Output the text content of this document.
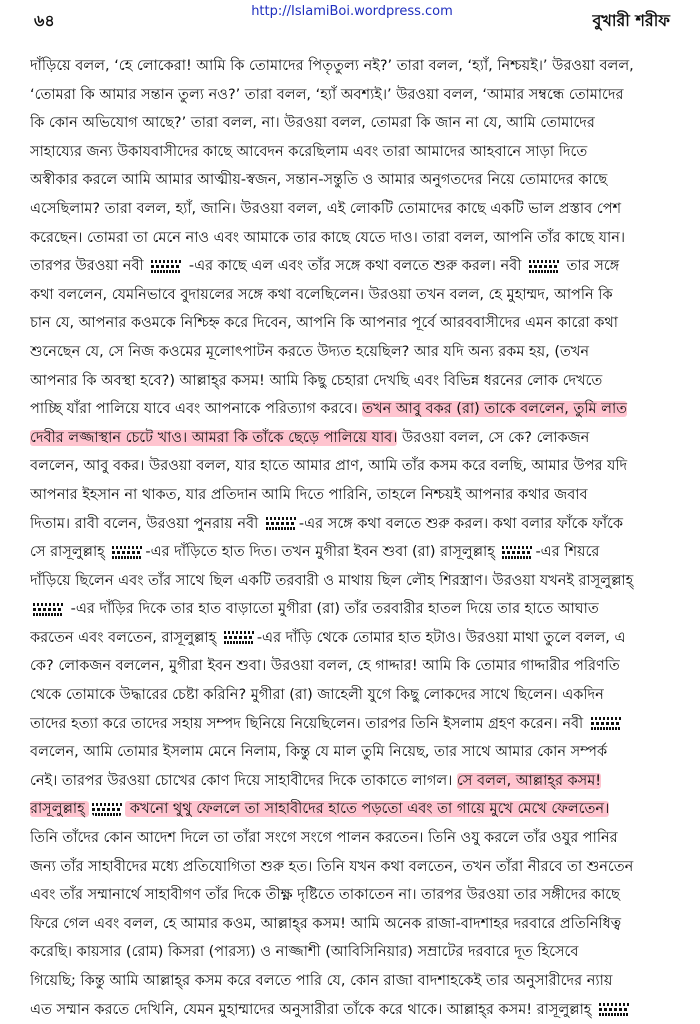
৬৪	http://IslamiBoi.wordpress.com	বুখারী শরীফ
দাঁড়িয়ে বলল, ‘হে লোকেরা! আমি কি তোমাদের পিতৃতুল্য নই?’ তারা বলল, ‘হ্যাঁ, নিশ্চয়ই।’ উরওয়া বলল,
‘তোমরা কি আমার সন্তান তুল্য নও?’ তারা বলল, ‘হ্যাঁ অবশ্যই।’ উরওয়া বলল, ‘আমার সম্বন্ধে তোমাদের
কি কোন অভিযোগ আছে?’ তারা বলল, না। উরওয়া বলল, তোমরা কি জান না যে, আমি তোমাদের
সাহায্যের জন্য উকাযবাসীদের কাছে আবেদন করেছিলাম এবং তারা আমাদের আহবানে সাড়া দিতে
অস্বীকার করলে আমি আমার আত্মীয়-স্বজন, সন্তান-সন্তুতি ও আমার অনুগতদের নিয়ে তোমাদের কাছে
এসেছিলাম? তারা বলল, হ্যাঁ, জানি। উরওয়া বলল, এই লোকটি তোমাদের কাছে একটি ভাল প্রস্তাব পেশ
করেছেন। তোমরা তা মেনে নাও এবং আমাকে তার কাছে যেতে দাও। তারা বলল, আপনি তাঁর কাছে যান।
তারপর উরওয়া নবী  -এর কাছে এল এবং তাঁর সঙ্গে কথা বলতে শুরু করল। নবী  তার সঙ্গে
কথা বললেন, যেমনিভাবে বুদায়লের সঙ্গে কথা বলেছিলেন। উরওয়া তখন বলল, হে মুহাম্মদ, আপনি কি
চান যে, আপনার কওমকে নিশ্চিহ্ন করে দিবেন, আপনি কি আপনার পূর্বে আরববাসীদের এমন কারো কথা
শুনেছেন যে, সে নিজ কওমের মূলোৎপাটন করতে উদ্যত হয়েছিল? আর যদি অন্য রকম হয়, (তখন
আপনার কি অবস্থা হবে?) আল্লাহ্‌র কসম! আমি কিছু চেহারা দেখছি এবং বিভিন্ন ধরনের লোক দেখতে
পাচ্ছি যাঁরা পালিয়ে যাবে এবং আপনাকে পরিত্যাগ করবে। তখন আবু বকর (রা) তাকে বললেন, তুমি লাত
দেবীর লজ্জাস্থান চেটে খাও। আমরা কি তাঁকে ছেড়ে পালিয়ে যাব। উরওয়া বলল, সে কে? লোকজন
বললেন, আবু বকর। উরওয়া বলল, যার হাতে আমার প্রাণ, আমি তাঁর কসম করে বলছি, আমার উপর যদি
আপনার ইহসান না থাকত, যার প্রতিদান আমি দিতে পারিনি, তাহলে নিশ্চয়ই আপনার কথার জবাব
দিতাম। রাবী বলেন, উরওয়া পুনরায় নবী -এর সঙ্গে কথা বলতে শুরু করল। কথা বলার ফাঁকে ফাঁকে
সে রাসূলুল্লাহ্‌ -এর দাঁড়িতে হাত দিত। তখন মুগীরা ইবন শুবা (রা) রাসূলুল্লাহ্‌ -এর শিয়রে
দাঁড়িয়ে ছিলেন এবং তাঁর সাথে ছিল একটি তরবারী ও মাথায় ছিল লৌহ শিরস্ত্রাণ। উরওয়া যখনই রাসূলুল্লাহ্‌
-এর দাঁড়ির দিকে তার হাত বাড়াতো মুগীরা (রা) তাঁর তরবারীর হাতল দিয়ে তার হাতে আঘাত
করতেন এবং বলতেন, রাসূলুল্লাহ্‌ -এর দাঁড়ি থেকে তোমার হাত হটাও। উরওয়া মাথা তুলে বলল, এ
কে? লোকজন বললেন, মুগীরা ইবন শুবা। উরওয়া বলল, হে গাদ্দার! আমি কি তোমার গাদ্দারীর পরিণতি
থেকে তোমাকে উদ্ধারের চেষ্টা করিনি? মুগীরা (রা) জাহেলী যুগে কিছু লোকদের সাথে ছিলেন। একদিন
তাদের হত্যা করে তাদের সহায় সম্পদ ছিনিয়ে নিয়েছিলেন। তারপর তিনি ইসলাম গ্রহণ করেন। নবী
বললেন, আমি তোমার ইসলাম মেনে নিলাম, কিন্তু যে মাল তুমি নিয়েছ, তার সাথে আমার কোন সম্পর্ক
নেই। তারপর উরওয়া চোখের কোণ দিয়ে সাহাবীদের দিকে তাকাতে লাগল। সে বলল, আল্লাহ্‌র কসম!
রাসূলুল্লাহ্‌  কখনো থুথু ফেললে তা সাহাবীদের হাতে পড়তো এবং তা গায়ে মুখে মেখে ফেলতেন।
তিনি তাঁদের কোন আদেশ দিলে তা তাঁরা সংগে সংগে পালন করতেন। তিনি ওযু করলে তাঁর ওযুর পানির
জন্য তাঁর সাহাবীদের মধ্যে প্রতিযোগিতা শুরু হত। তিনি যখন কথা বলতেন, তখন তাঁরা নীরবে তা শুনতেন
এবং তাঁর সম্মানার্থে সাহাবীগণ তাঁর দিকে তীক্ষ্ণ দৃষ্টিতে তাকাতেন না। তারপর উরওয়া তার সঙ্গীদের কাছে
ফিরে গেল এবং বলল, হে আমার কওম, আল্লাহ্‌র কসম! আমি অনেক রাজা-বাদশাহর দরবারে প্রতিনিধিত্ব
করেছি। কায়সার (রোম) কিসরা (পারস্য) ও নাজ্জাশী (আবিসিনিয়ার) সম্রাটের দরবারে দূত হিসেবে
গিয়েছি; কিন্তু আমি আল্লাহ্‌র কসম করে বলতে পারি যে, কোন রাজা বাদশাহকেই তার অনুসারীদের ন্যায়
এত সম্মান করতে দেখিনি, যেমন মুহাম্মাদের অনুসারীরা তাঁকে করে থাকে। আল্লাহ্‌র কসম! রাসূলুল্লাহ্‌
